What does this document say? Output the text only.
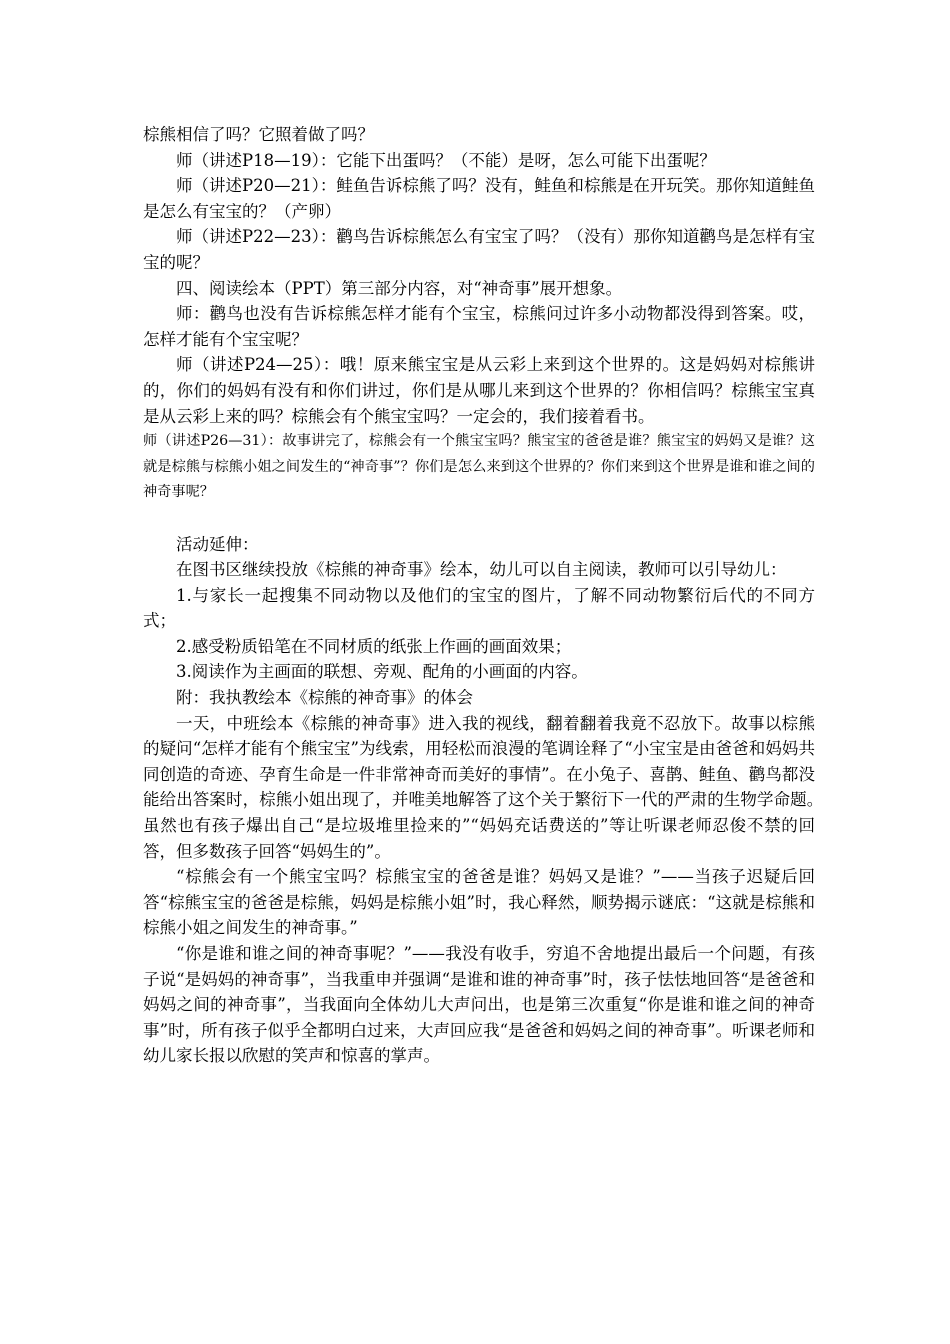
棕熊相信了吗？它照着做了吗？

师（讲述P18—19）：它能下出蛋吗？（不能）是呀，怎么可能下出蛋呢？

师（讲述P20—21）：鲑鱼告诉棕熊了吗？没有，鲑鱼和棕熊是在开玩笑。那你知道鲑鱼是怎么有宝宝的？（产卵）

师（讲述P22—23）：鹳鸟告诉棕熊怎么有宝宝了吗？（没有）那你知道鹳鸟是怎样有宝宝的呢？

四、阅读绘本（PPT）第三部分内容，对“神奇事”展开想象。

师：鹳鸟也没有告诉棕熊怎样才能有个宝宝，棕熊问过许多小动物都没得到答案。哎，怎样才能有个宝宝呢？

师（讲述P24—25）：哦！原来熊宝宝是从云彩上来到这个世界的。这是妈妈对棕熊讲的，你们的妈妈有没有和你们讲过，你们是从哪儿来到这个世界的？你相信吗？棕熊宝宝真是从云彩上来的吗？棕熊会有个熊宝宝吗？一定会的，我们接着看书。

师（讲述P26—31）：故事讲完了，棕熊会有一个熊宝宝吗？熊宝宝的爸爸是谁？熊宝宝的妈妈又是谁？这就是棕熊与棕熊小姐之间发生的“神奇事”？你们是怎么来到这个世界的？你们来到这个世界是谁和谁之间的神奇事呢？

活动延伸：

在图书区继续投放《棕熊的神奇事》绘本，幼儿可以自主阅读，教师可以引导幼儿：

1.与家长一起搜集不同动物以及他们的宝宝的图片，了解不同动物繁衍后代的不同方式；

2.感受粉质铅笔在不同材质的纸张上作画的画面效果；

3.阅读作为主画面的联想、旁观、配角的小画面的内容。

附：我执教绘本《棕熊的神奇事》的体会

一天，中班绘本《棕熊的神奇事》进入我的视线，翻着翻着我竟不忍放下。故事以棕熊的疑问“怎样才能有个熊宝宝”为线索，用轻松而浪漫的笔调诠释了“小宝宝是由爸爸和妈妈共同创造的奇迹、孕育生命是一件非常神奇而美好的事情”。在小兔子、喜鹊、鲑鱼、鹳鸟都没能给出答案时，棕熊小姐出现了，并唯美地解答了这个关于繁衍下一代的严肃的生物学命题。　　虽然也有孩子爆出自己“是垃圾堆里捡来的”“妈妈充话费送的”等让听课老师忍俊不禁的回答，但多数孩子回答“妈妈生的”。

“棕熊会有一个熊宝宝吗？棕熊宝宝的爸爸是谁？妈妈又是谁？”——当孩子迟疑后回答“棕熊宝宝的爸爸是棕熊，妈妈是棕熊小姐”时，我心释然，顺势揭示谜底：“这就是棕熊和棕熊小姐之间发生的神奇事。”

“你是谁和谁之间的神奇事呢？”——我没有收手，穷追不舍地提出最后一个问题，有孩子说“是妈妈的神奇事”，当我重申并强调“是谁和谁的神奇事”时，孩子怯怯地回答“是爸爸和妈妈之间的神奇事”，当我面向全体幼儿大声问出，也是第三次重复“你是谁和谁之间的神奇事”时，所有孩子似乎全都明白过来，大声回应我“是爸爸和妈妈之间的神奇事”。听课老师和幼儿家长报以欣慰的笑声和惊喜的掌声。
